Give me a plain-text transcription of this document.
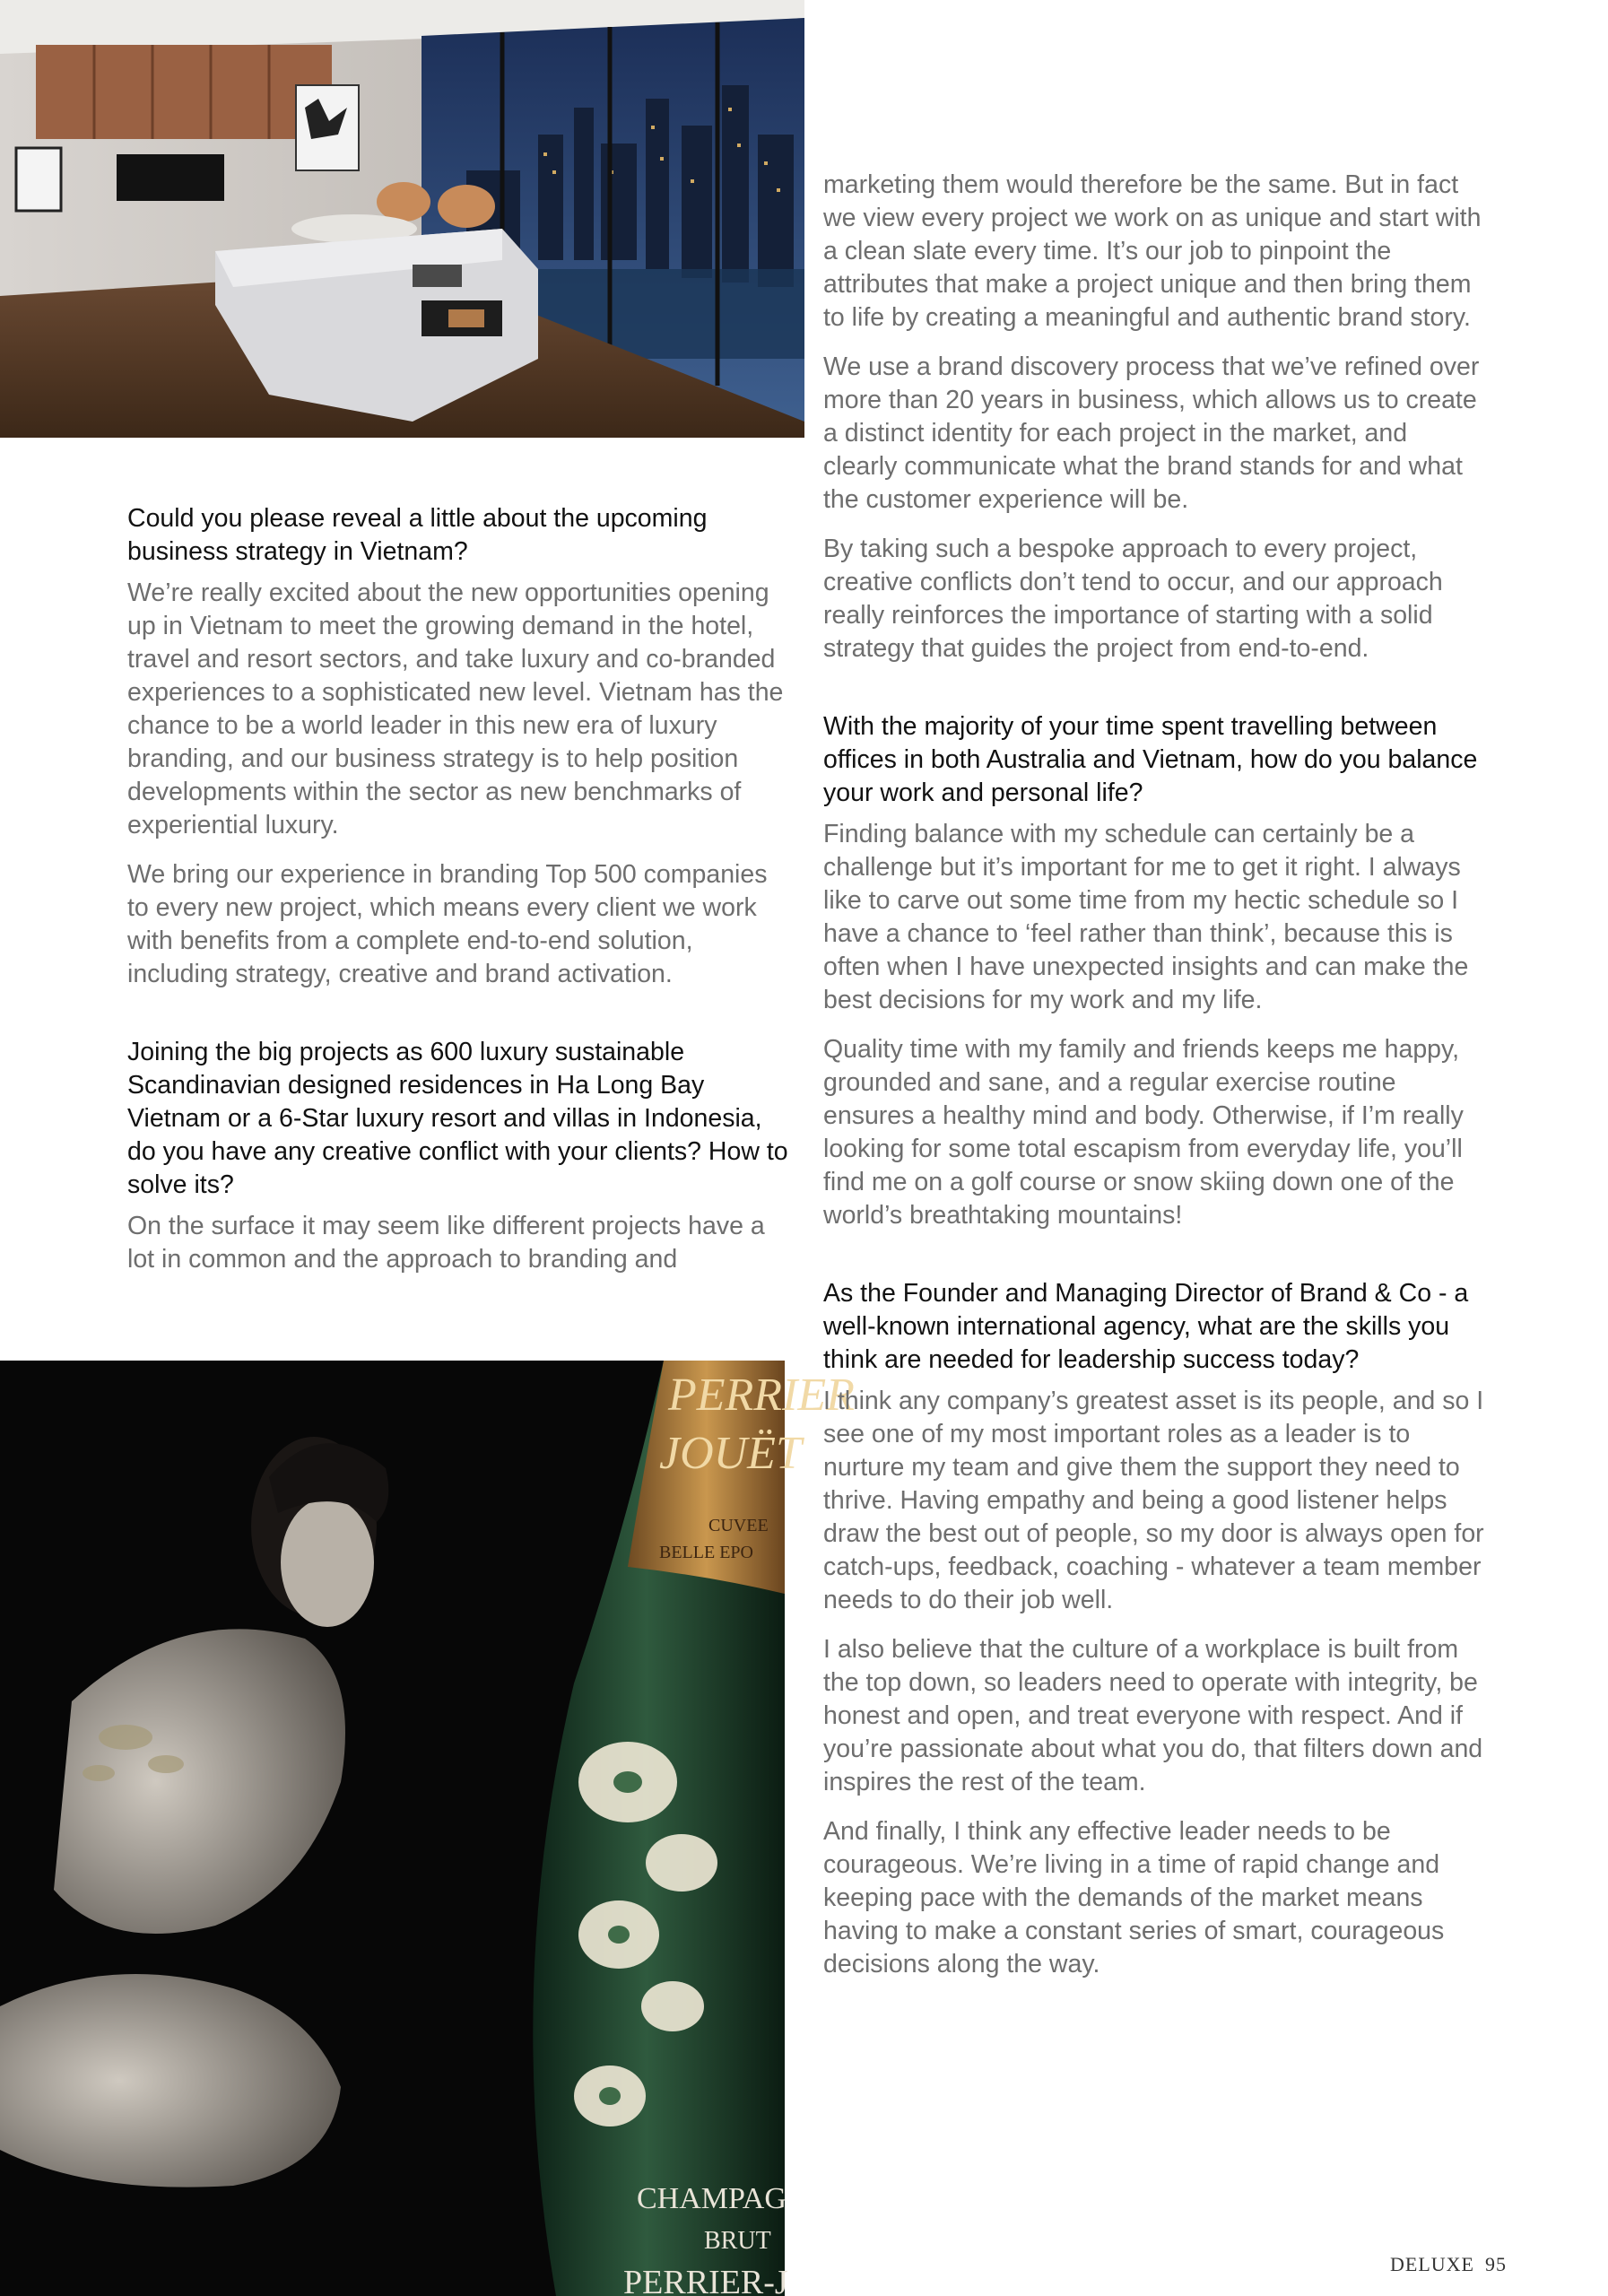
Could you please reveal a little about the upcoming business strategy in Vietnam?
We’re really excited about the new opportunities opening up in Vietnam to meet the growing demand in the hotel, travel and resort sectors, and take luxury and co-branded experiences to a sophisticated new level. Vietnam has the chance to be a world leader in this new era of luxury branding, and our business strategy is to help position developments within the sector as new benchmarks of experiential luxury.
We bring our experience in branding Top 500 companies to every new project, which means every client we work with benefits from a complete end-to-end solution, including strategy, creative and brand activation.
Joining the big projects as 600 luxury sustainable Scandinavian designed residences in Ha Long Bay Vietnam or a 6-Star luxury resort and villas in Indonesia, do you have any creative conflict with your clients? How to solve its?
On the surface it may seem like different projects have a lot in common and the approach to branding and
PERRIER
JOUËT
CUVEE
BELLE EPO
CHAMPAG
BRUT
PERRIER-J
marketing them would therefore be the same. But in fact we view every project we work on as unique and start with a clean slate every time. It’s our job to pinpoint the attributes that make a project unique and then bring them to life by creating a meaningful and authentic brand story.
We use a brand discovery process that we’ve refined over more than 20 years in business, which allows us to create a distinct identity for each project in the market, and clearly communicate what the brand stands for and what the customer experience will be.
By taking such a bespoke approach to every project, creative conflicts don’t tend to occur, and our approach really reinforces the importance of starting with a solid strategy that guides the project from end-to-end.
With the majority of your time spent travelling between offices in both Australia and Vietnam, how do you balance your work and personal life?
Finding balance with my schedule can certainly be a challenge but it’s important for me to get it right. I always like to carve out some time from my hectic schedule so I have a chance to ‘feel rather than think’, because this is often when I have unexpected insights and can make the best decisions for my work and my life.
Quality time with my family and friends keeps me happy, grounded and sane, and a regular exercise routine ensures a healthy mind and body. Otherwise, if I’m really looking for some total escapism from everyday life, you’ll find me on a golf course or snow skiing down one of the world’s breathtaking mountains!
As the Founder and Managing Director of Brand & Co - a well-known international agency, what are the skills you think are needed for leadership success today?
I think any company’s greatest asset is its people, and so I see one of my most important roles as a leader is to nurture my team and give them the support they need to thrive. Having empathy and being a good listener helps draw the best out of people, so my door is always open for catch-ups, feedback, coaching - whatever a team member needs to do their job well.
I also believe that the culture of a workplace is built from the top down, so leaders need to operate with integrity, be honest and open, and treat everyone with respect. And if you’re passionate about what you do, that filters down and inspires the rest of the team.
And finally, I think any effective leader needs to be courageous. We’re living in a time of rapid change and keeping pace with the demands of the market means having to make a constant series of smart, courageous decisions along the way.
DELUXE 95
